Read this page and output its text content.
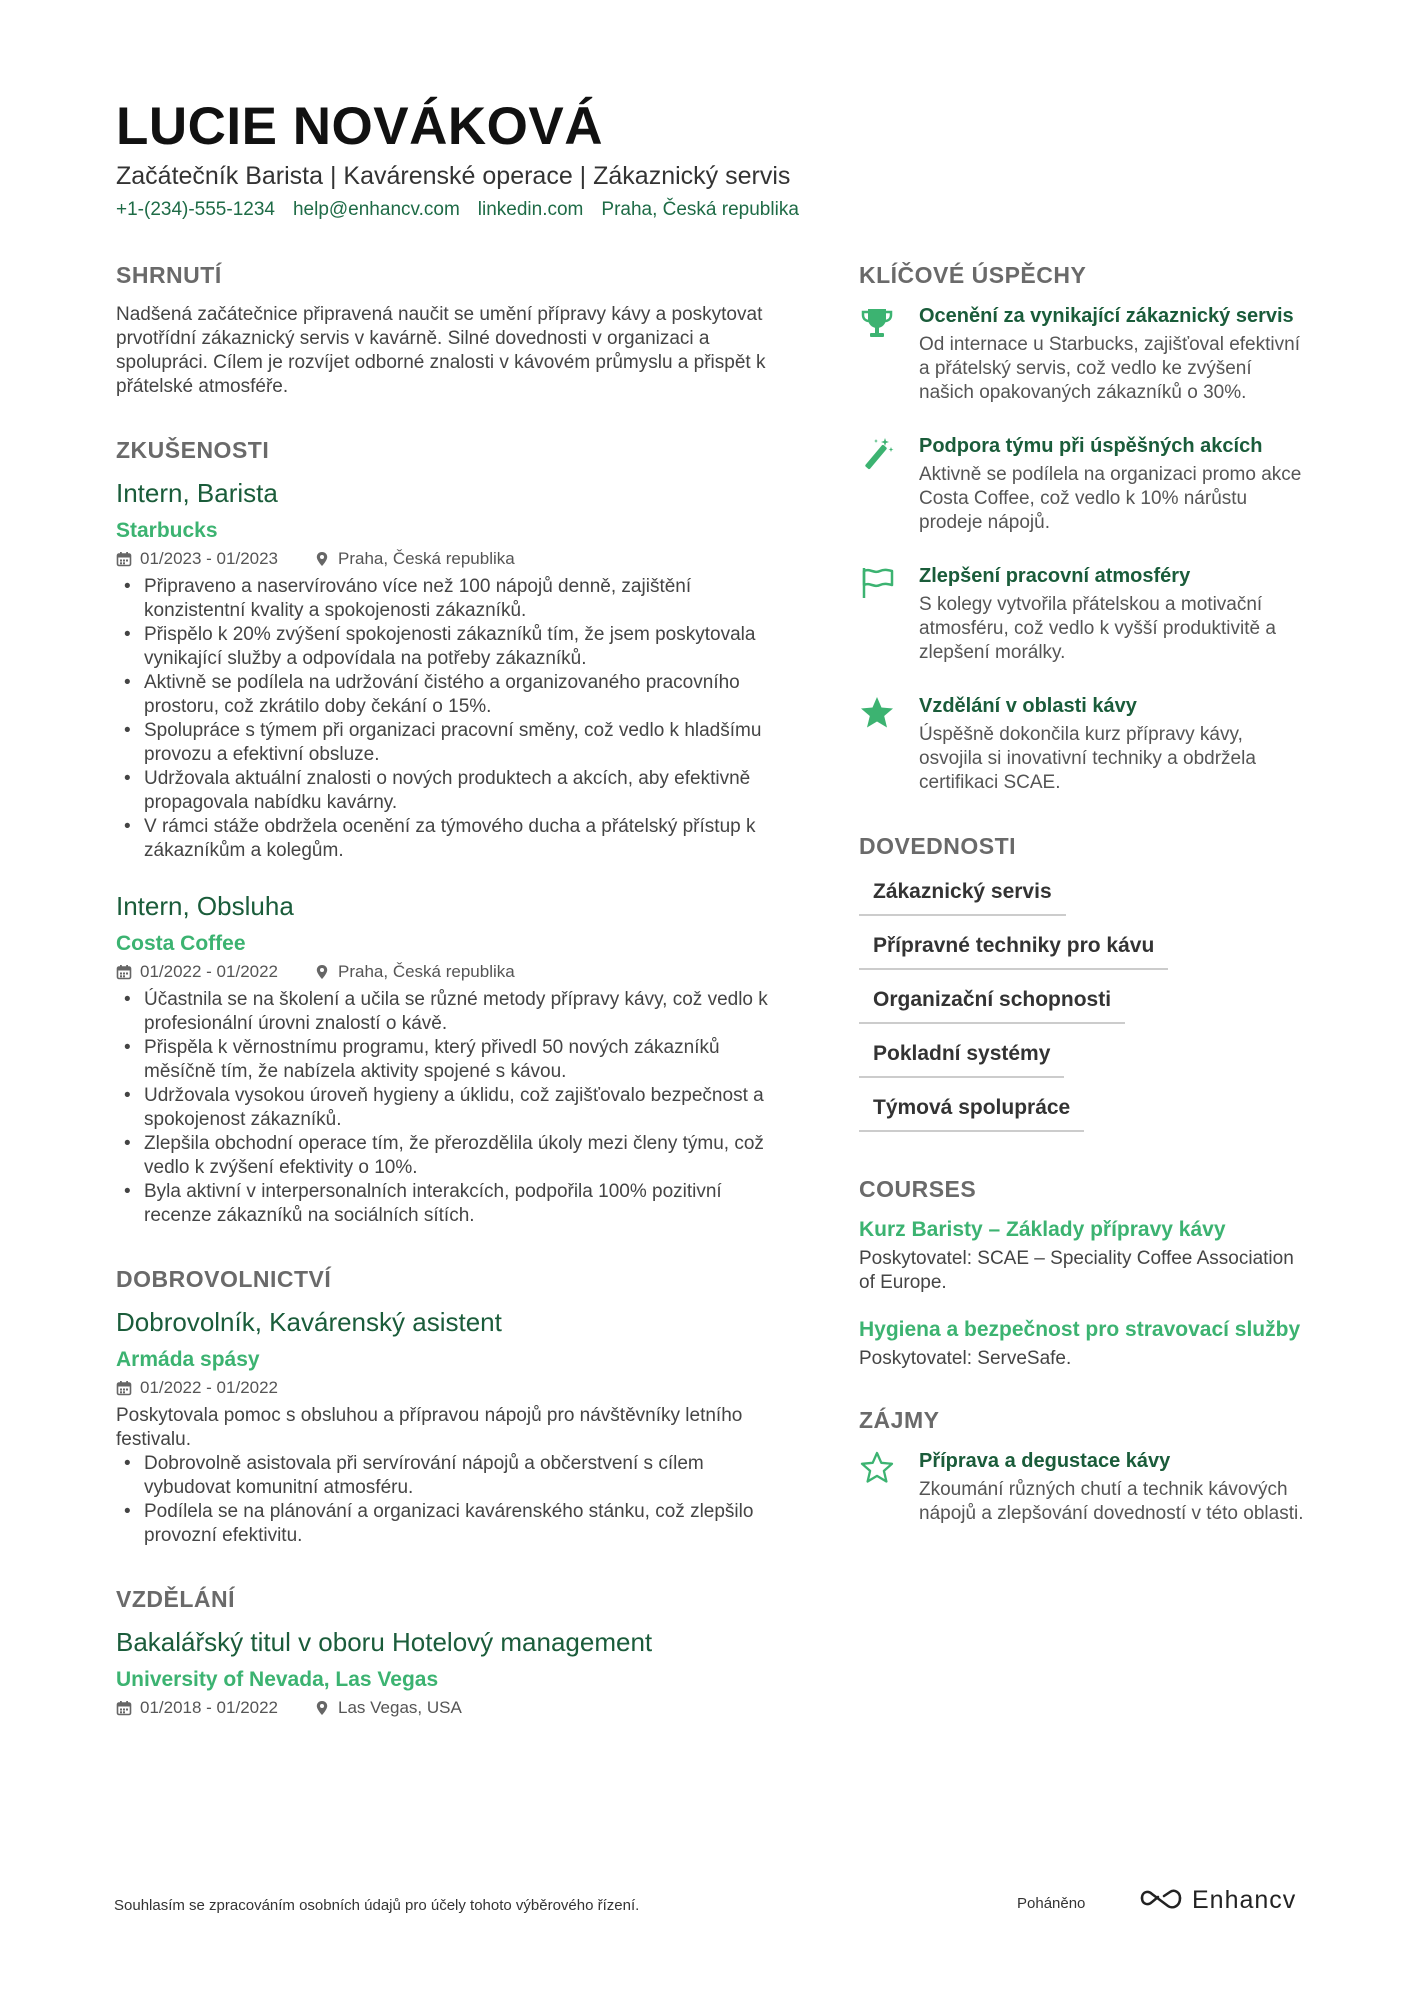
LUCIE NOVÁKOVÁ
Začátečník Barista | Kavárenské operace | Zákaznický servis
+1-(234)-555-1234 help@enhancv.com linkedin.com Praha, Česká republika
SHRNUTÍ
Nadšená začátečnice připravená naučit se umění přípravy kávy a poskytovat prvotřídní zákaznický servis v kavárně. Silné dovednosti v organizaci a spolupráci. Cílem je rozvíjet odborné znalosti v kávovém průmyslu a přispět k přátelské atmosféře.
ZKUŠENOSTI
Intern, Barista
Starbucks
01/2023 - 01/2023	Praha, Česká republika
• Připraveno a naservírováno více než 100 nápojů denně, zajištění konzistentní kvality a spokojenosti zákazníků.
• Přispělo k 20% zvýšení spokojenosti zákazníků tím, že jsem poskytovala vynikající služby a odpovídala na potřeby zákazníků.
• Aktivně se podílela na udržování čistého a organizovaného pracovního prostoru, což zkrátilo doby čekání o 15%.
• Spolupráce s týmem při organizaci pracovní směny, což vedlo k hladšímu provozu a efektivní obsluze.
• Udržovala aktuální znalosti o nových produktech a akcích, aby efektivně propagovala nabídku kavárny.
• V rámci stáže obdržela ocenění za týmového ducha a přátelský přístup k zákazníkům a kolegům.
Intern, Obsluha
Costa Coffee
01/2022 - 01/2022	Praha, Česká republika
• Účastnila se na školení a učila se různé metody přípravy kávy, což vedlo k profesionální úrovni znalostí o kávě.
• Přispěla k věrnostnímu programu, který přivedl 50 nových zákazníků měsíčně tím, že nabízela aktivity spojené s kávou.
• Udržovala vysokou úroveň hygieny a úklidu, což zajišťovalo bezpečnost a spokojenost zákazníků.
• Zlepšila obchodní operace tím, že přerozdělila úkoly mezi členy týmu, což vedlo k zvýšení efektivity o 10%.
• Byla aktivní v interpersonalních interakcích, podpořila 100% pozitivní recenze zákazníků na sociálních sítích.
DOBROVOLNICTVÍ
Dobrovolník, Kavárenský asistent
Armáda spásy
01/2022 - 01/2022
Poskytovala pomoc s obsluhou a přípravou nápojů pro návštěvníky letního festivalu.
• Dobrovolně asistovala při servírování nápojů a občerstvení s cílem vybudovat komunitní atmosféru.
• Podílela se na plánování a organizaci kavárenského stánku, což zlepšilo provozní efektivitu.
VZDĚLÁNÍ
Bakalářský titul v oboru Hotelový management
University of Nevada, Las Vegas
01/2018 - 01/2022	Las Vegas, USA
KLÍČOVÉ ÚSPĚCHY
Ocenění za vynikající zákaznický servis
Od internace u Starbucks, zajišťoval efektivní a přátelský servis, což vedlo ke zvýšení našich opakovaných zákazníků o 30%.
Podpora týmu při úspěšných akcích
Aktivně se podílela na organizaci promo akce Costa Coffee, což vedlo k 10% nárůstu prodeje nápojů.
Zlepšení pracovní atmosféry
S kolegy vytvořila přátelskou a motivační atmosféru, což vedlo k vyšší produktivitě a zlepšení morálky.
Vzdělání v oblasti kávy
Úspěšně dokončila kurz přípravy kávy, osvojila si inovativní techniky a obdržela certifikaci SCAE.
DOVEDNOSTI
Zákaznický servis
Přípravné techniky pro kávu
Organizační schopnosti
Pokladní systémy
Týmová spolupráce
COURSES
Kurz Baristy – Základy přípravy kávy
Poskytovatel: SCAE – Speciality Coffee Association of Europe.
Hygiena a bezpečnost pro stravovací služby
Poskytovatel: ServeSafe.
ZÁJMY
Příprava a degustace kávy
Zkoumání různých chutí a technik kávových nápojů a zlepšování dovedností v této oblasti.
Souhlasím se zpracováním osobních údajů pro účely tohoto výběrového řízení.	Poháněno	Enhancv
